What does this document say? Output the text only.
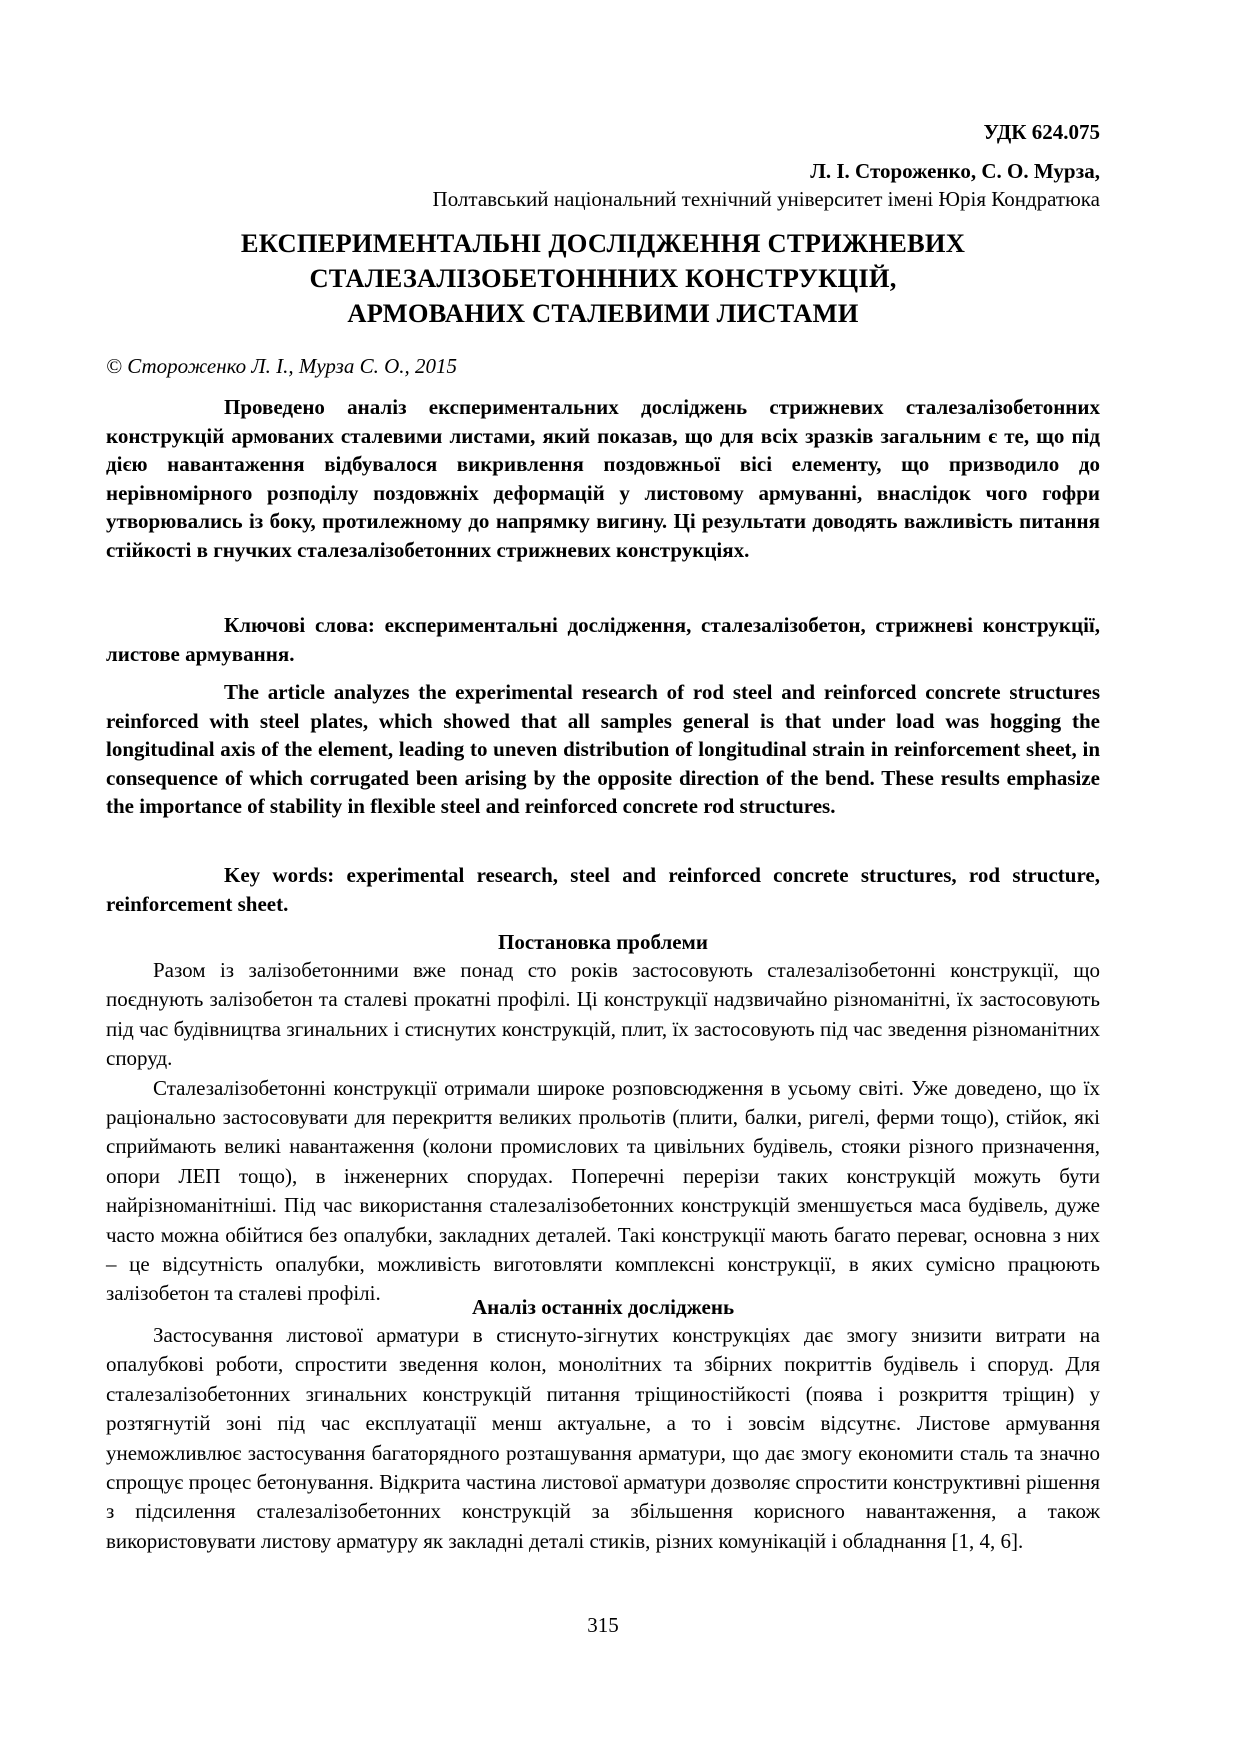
УДК 624.075

Л. І. Стороженко, С. О. Мурза,

Полтавський національний технічний університет імені Юрія Кондратюка

ЕКСПЕРИМЕНТАЛЬНІ ДОСЛІДЖЕННЯ СТРИЖНЕВИХ
СТАЛЕЗАЛІЗОБЕТОНННИХ КОНСТРУКЦІЙ,
АРМОВАНИХ СТАЛЕВИМИ ЛИСТАМИ

© Стороженко Л. І., Мурза С. О., 2015

Проведено аналіз експериментальних досліджень стрижневих сталезалізобетонних конструкцій армованих сталевими листами, який показав, що для всіх зразків загальним є те, що під дією навантаження відбувалося викривлення поздовжньої вісі елементу, що призводило до нерівномірного розподілу поздовжніх деформацій у листовому армуванні, внаслідок чого гофри утворювались із боку, протилежному до напрямку вигину. Ці результати доводять важливість питання стійкості в гнучких сталезалізобетонних стрижневих конструкціях.

Ключові слова: експериментальні дослідження, сталезалізобетон, стрижневі конструкції, листове армування.

The article analyzes the experimental research of rod steel and reinforced concrete structures reinforced with steel plates, which showed that all samples general is that under load was hogging the longitudinal axis of the element, leading to uneven distribution of longitudinal strain in reinforcement sheet, in consequence of which corrugated been arising by the opposite direction of the bend. These results emphasize the importance of stability in flexible steel and reinforced concrete rod structures.

Key words: experimental research, steel and reinforced concrete structures, rod structure, reinforcement sheet.

Постановка проблеми

Разом із залізобетонними вже понад сто років застосовують сталезалізобетонні конструкції, що поєднують залізобетон та сталеві прокатні профілі. Ці конструкції надзвичайно різноманітні, їх застосовують під час будівництва згинальних і стиснутих конструкцій, плит, їх застосовують під час зведення різноманітних споруд.

Сталезалізобетонні конструкції отримали широке розповсюдження в усьому світі. Уже доведено, що їх раціонально застосовувати для перекриття великих прольотів (плити, балки, ригелі, ферми тощо), стійок, які сприймають великі навантаження (колони промислових та цивільних будівель, стояки різного призначення, опори ЛЕП тощо), в інженерних спорудах. Поперечні перерізи таких конструкцій можуть бути найрізноманітніші. Під час використання сталезалізобетонних конструкцій зменшується маса будівель, дуже часто можна обійтися без опалубки, закладних деталей. Такі конструкції мають багато переваг, основна з них – це відсутність опалубки, можливість виготовляти комплексні конструкції, в яких сумісно працюють залізобетон та сталеві профілі.

Аналіз останніх досліджень

Застосування листової арматури в стиснуто-зігнутих конструкціях дає змогу знизити витрати на опалубкові роботи, спростити зведення колон, монолітних та збірних покриттів будівель і споруд. Для сталезалізобетонних згинальних конструкцій питання тріщиностійкості (поява і розкриття тріщин) у розтягнутій зоні під час експлуатації менш актуальне, а то і зовсім відсутнє. Листове армування унеможливлює застосування багаторядного розташування арматури, що дає змогу економити сталь та значно спрощує процес бетонування. Відкрита частина листової арматури дозволяє спростити конструктивні рішення з підсилення сталезалізобетонних конструкцій за збільшення корисного навантаження, а також використовувати листову арматуру як закладні деталі стиків, різних комунікацій і обладнання [1, 4, 6].

315
